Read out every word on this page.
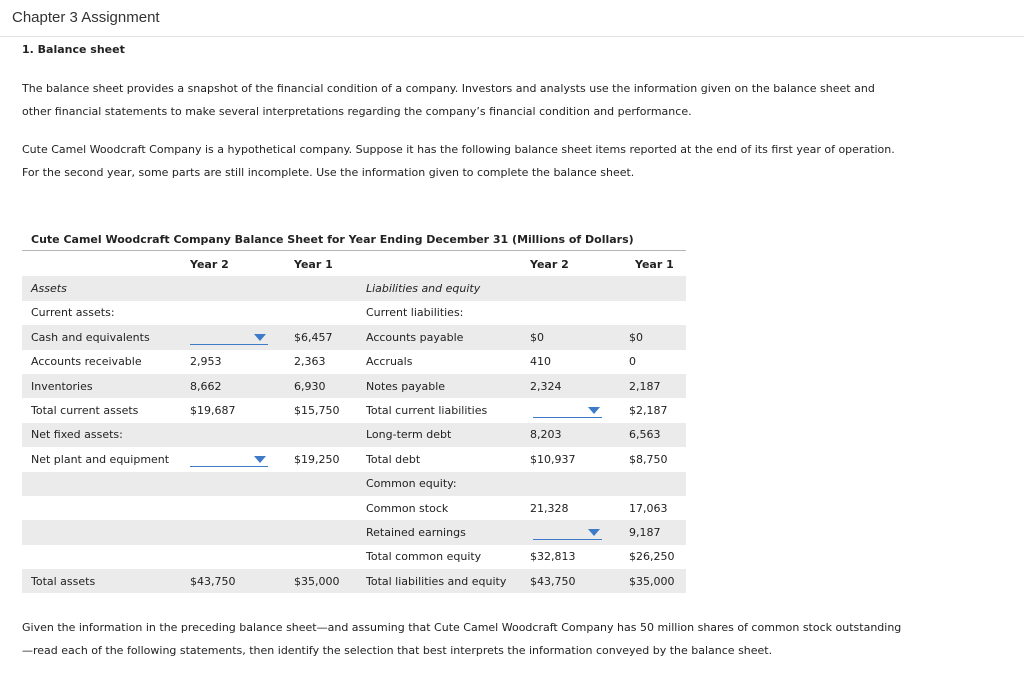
Chapter 3 Assignment
1. Balance sheet
The balance sheet provides a snapshot of the financial condition of a company. Investors and analysts use the information given on the balance sheet and other financial statements to make several interpretations regarding the company’s financial condition and performance.
Cute Camel Woodcraft Company is a hypothetical company. Suppose it has the following balance sheet items reported at the end of its first year of operation. For the second year, some parts are still incomplete. Use the information given to complete the balance sheet.
Cute Camel Woodcraft Company Balance Sheet for Year Ending December 31 (Millions of Dollars)
	Year 2	Year 1		Year 2	Year 1
Assets			Liabilities and equity		
Current assets:			Current liabilities:		
Cash and equivalents		$6,457	Accounts payable	$0	$0
Accounts receivable	2,953	2,363	Accruals	410	0
Inventories	8,662	6,930	Notes payable	2,324	2,187
Total current assets	$19,687	$15,750	Total current liabilities		$2,187
Net fixed assets:			Long-term debt	8,203	6,563
Net plant and equipment		$19,250	Total debt	$10,937	$8,750
			Common equity:		
			Common stock	21,328	17,063
			Retained earnings		9,187
			Total common equity	$32,813	$26,250
Total assets	$43,750	$35,000	Total liabilities and equity	$43,750	$35,000
Given the information in the preceding balance sheet—and assuming that Cute Camel Woodcraft Company has 50 million shares of common stock outstanding—read each of the following statements, then identify the selection that best interprets the information conveyed by the balance sheet.
